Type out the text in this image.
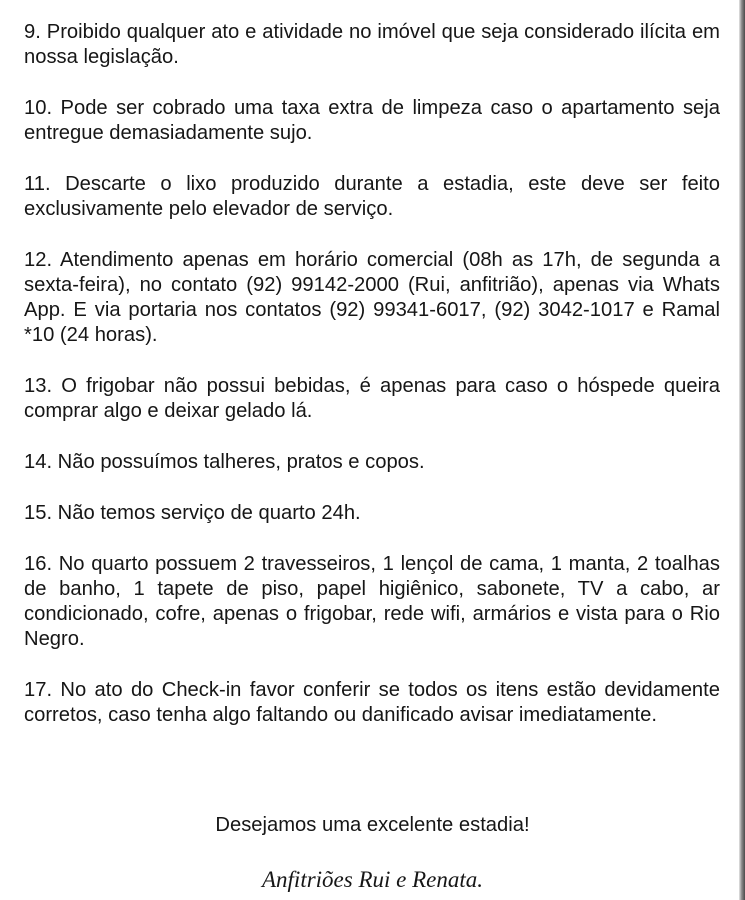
9. Proibido qualquer ato e atividade no imóvel que seja considerado ilícita em nossa legislação.
10. Pode ser cobrado uma taxa extra de limpeza caso o apartamento seja entregue demasiadamente sujo.
11. Descarte o lixo produzido durante a estadia, este deve ser feito exclusivamente pelo elevador de serviço.
12. Atendimento apenas em horário comercial (08h as 17h, de segunda a sexta-feira), no contato (92) 99142-2000 (Rui, anfitrião), apenas via Whats App. E via portaria nos contatos (92) 99341-6017, (92) 3042-1017 e Ramal *10 (24 horas).
13. O frigobar não possui bebidas, é apenas para caso o hóspede queira comprar algo e deixar gelado lá.
14. Não possuímos talheres, pratos e copos.
15. Não temos serviço de quarto 24h.
16. No quarto possuem 2 travesseiros, 1 lençol de cama, 1 manta, 2 toalhas de banho, 1 tapete de piso, papel higiênico, sabonete, TV a cabo, ar condicionado, cofre, apenas o frigobar, rede wifi, armários e vista para o Rio Negro.
17. No ato do Check-in favor conferir se todos os itens estão devidamente corretos, caso tenha algo faltando ou danificado avisar imediatamente.

Desejamos uma excelente estadia!

Anfitriões Rui e Renata.
